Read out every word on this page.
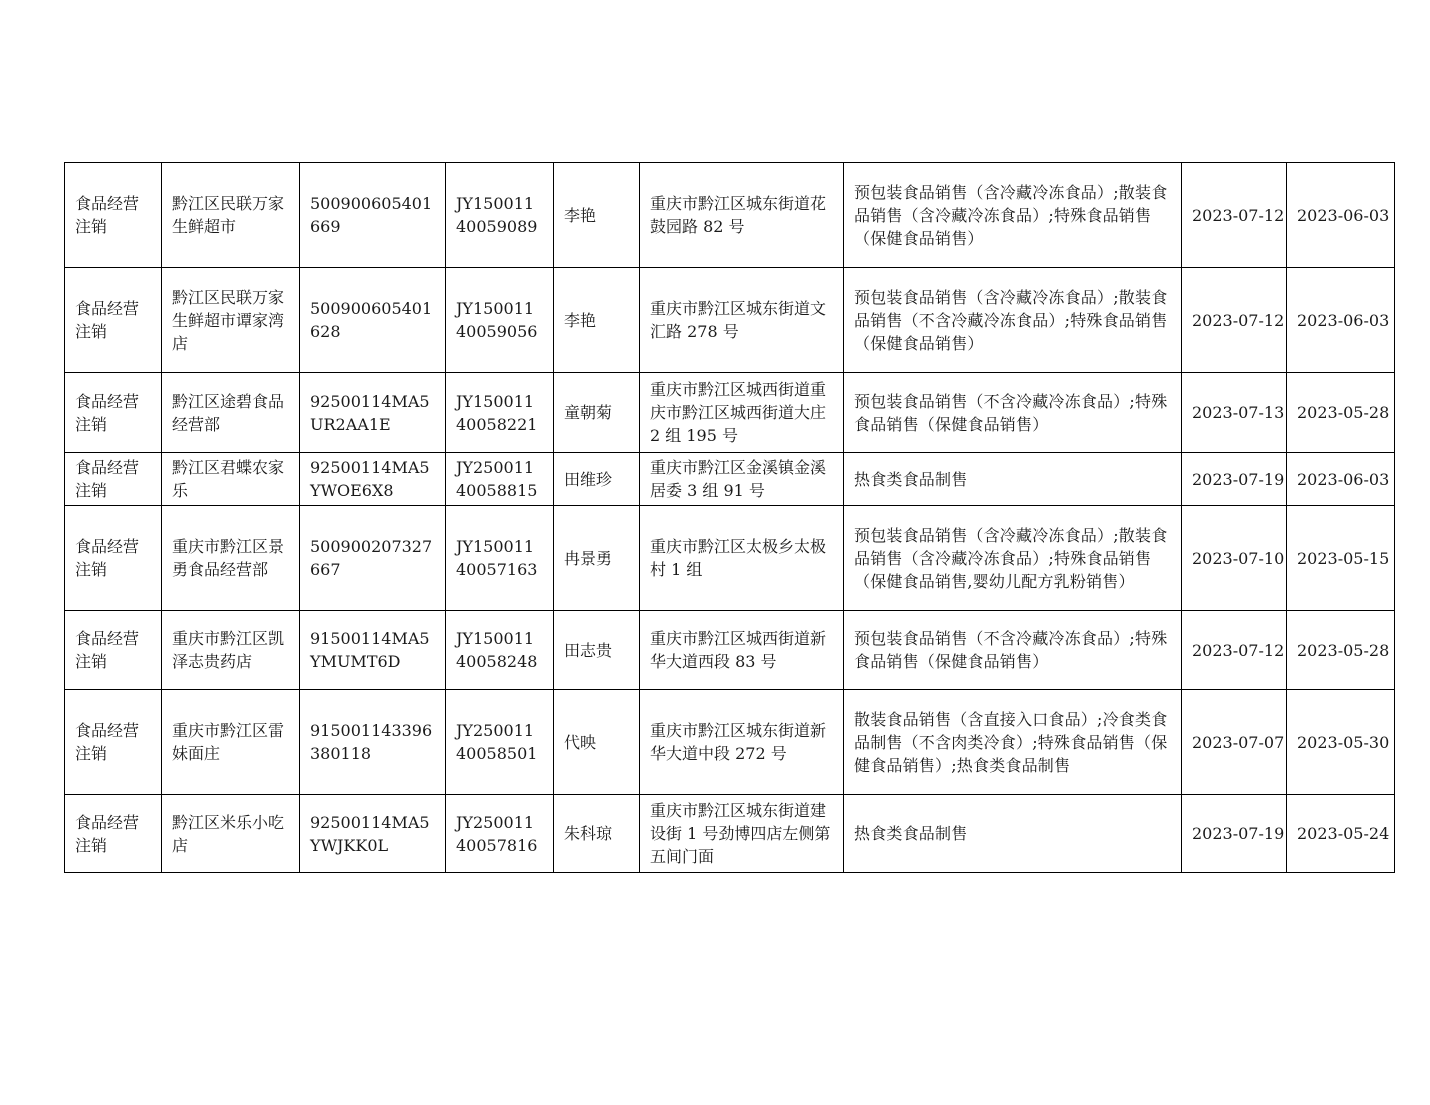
食品经营注销	黔江区民联万家生鲜超市	500900605401669	JY15001140059089	李艳	重庆市黔江区城东街道花鼓园路 82 号	预包装食品销售（含冷藏冷冻食品）;散装食品销售（含冷藏冷冻食品）;特殊食品销售（保健食品销售）	2023-07-12	2023-06-03
食品经营注销	黔江区民联万家生鲜超市谭家湾店	500900605401628	JY15001140059056	李艳	重庆市黔江区城东街道文汇路 278 号	预包装食品销售（含冷藏冷冻食品）;散装食品销售（不含冷藏冷冻食品）;特殊食品销售（保健食品销售）	2023-07-12	2023-06-03
食品经营注销	黔江区途碧食品经营部	92500114MA5UR2AA1E	JY15001140058221	童朝菊	重庆市黔江区城西街道重庆市黔江区城西街道大庄 2 组 195 号	预包装食品销售（不含冷藏冷冻食品）;特殊食品销售（保健食品销售）	2023-07-13	2023-05-28
食品经营注销	黔江区君蝶农家乐	92500114MA5YWOE6X8	JY25001140058815	田维珍	重庆市黔江区金溪镇金溪居委 3 组 91 号	热食类食品制售	2023-07-19	2023-06-03
食品经营注销	重庆市黔江区景勇食品经营部	500900207327667	JY15001140057163	冉景勇	重庆市黔江区太极乡太极村 1 组	预包装食品销售（含冷藏冷冻食品）;散装食品销售（含冷藏冷冻食品）;特殊食品销售（保健食品销售,婴幼儿配方乳粉销售）	2023-07-10	2023-05-15
食品经营注销	重庆市黔江区凯泽志贵药店	91500114MA5YMUMT6D	JY15001140058248	田志贵	重庆市黔江区城西街道新华大道西段 83 号	预包装食品销售（不含冷藏冷冻食品）;特殊食品销售（保健食品销售）	2023-07-12	2023-05-28
食品经营注销	重庆市黔江区雷妹面庄	915001143396380118	JY25001140058501	代映	重庆市黔江区城东街道新华大道中段 272 号	散装食品销售（含直接入口食品）;冷食类食品制售（不含肉类冷食）;特殊食品销售（保健食品销售）;热食类食品制售	2023-07-07	2023-05-30
食品经营注销	黔江区米乐小吃店	92500114MA5YWJKK0L	JY25001140057816	朱科琼	重庆市黔江区城东街道建设街 1 号劲博四店左侧第五间门面	热食类食品制售	2023-07-19	2023-05-24
